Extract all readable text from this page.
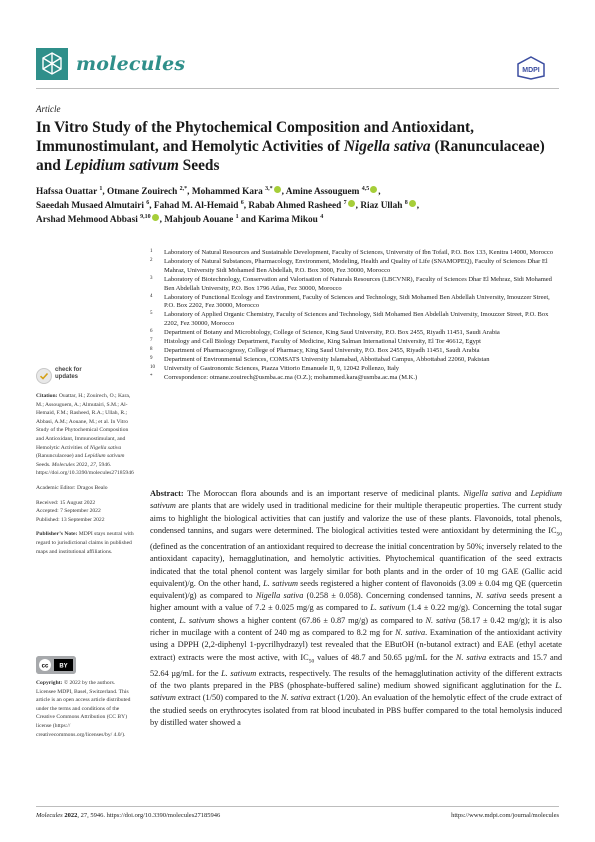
molecules	MDPI
Article
In Vitro Study of the Phytochemical Composition and Antioxidant, Immunostimulant, and Hemolytic Activities of Nigella sativa (Ranunculaceae) and Lepidium sativum Seeds
Hafssa Ouattar $^1$, Otmane Zouirech $^{2,*}$, Mohammed Kara $^{3,*}$ , Amine Assouguem $^{4,5}$ ,
Saeedah Musaed Almutairi $^6$, Fahad M. Al-Hemaid $^6$, Rabab Ahmed Rasheed $^7$ , Riaz Ullah $^8$ ,
Arshad Mehmood Abbasi $^{9,10}$ , Mahjoub Aouane $^1$ and Karima Mikou $^4$
1 Laboratory of Natural Resources and Sustainable Development, Faculty of Sciences, University of Ibn Tofail, P.O. Box 133, Kenitra 14000, Morocco
2 Laboratory of Natural Substances, Pharmacology, Environment, Modeling, Health and Quality of Life (SNAMOPEQ), Faculty of Sciences Dhar El Mahraz, University Sidi Mohamed Ben Abdellah, P.O. Box 3000, Fez 30000, Morocco
3 Laboratory of Biotechnology, Conservation and Valorisation of Naturals Resources (LBCVNR), Faculty of Sciences Dhar El Mehraz, Sidi Mohamed Ben Abdellah University, P.O. Box 1796 Atlas, Fez 30000, Morocco
4 Laboratory of Functional Ecology and Environment, Faculty of Sciences and Technology, Sidi Mohamed Ben Abdellah University, Imouzzer Street, P.O. Box 2202, Fez 30000, Morocco
5 Laboratory of Applied Organic Chemistry, Faculty of Sciences and Technology, Sidi Mohamed Ben Abdellah University, Imouzzer Street, P.O. Box 2202, Fez 30000, Morocco
6 Department of Botany and Microbiology, College of Science, King Saud University, P.O. Box 2455, Riyadh 11451, Saudi Arabia
7 Histology and Cell Biology Department, Faculty of Medicine, King Salman International University, El Tor 46612, Egypt
8 Department of Pharmacognosy, College of Pharmacy, King Saud University, P.O. Box 2455, Riyadh 11451, Saudi Arabia
9 Department of Environmental Sciences, COMSATS University Islamabad, Abbottabad Campus, Abbottabad 22060, Pakistan
10 University of Gastronomic Sciences, Piazza Vittorio Emanuele II, 9, 12042 Pollenzo, Italy
* Correspondence: otmane.zouirech@usmba.ac.ma (O.Z.); mohammed.kara@usmba.ac.ma (M.K.)
check for
updates

Citation: Ouattar, H.; Zouirech, O.; Kara, M.; Assouguem, A.; Almutairi, S.M.; Al-Hemaid, F.M.; Rasheed, R.A.; Ullah, R.; Abbasi, A.M.; Aouane, M.; et al. In Vitro Study of the Phytochemical Composition and Antioxidant, Immunostimulant, and Hemolytic Activities of Nigella sativa (Ranunculaceae) and Lepidium sativum Seeds. Molecules 2022, 27, 5946. https://doi.org/10.3390/molecules27185946

Academic Editor: Dragos Bealo

Received: 15 August 2022

Accepted: 7 September 2022

Published: 13 September 2022

Publisher’s Note: MDPI stays neutral with regard to jurisdictional claims in published maps and institutional affiliations.

cc BY
Copyright: © 2022 by the authors. Licensee MDPI, Basel, Switzerland. This article is an open access article distributed under the terms and conditions of the Creative Commons Attribution (CC BY) license (https:// creativecommons.org/licenses/by/ 4.0/).
Abstract: The Moroccan flora abounds and is an important reserve of medicinal plants. Nigella sativa and Lepidium sativum are plants that are widely used in traditional medicine for their multiple therapeutic properties. The current study aims to highlight the biological activities that can justify and valorize the use of these plants. Flavonoids, total phenols, condensed tannins, and sugars were determined. The biological activities tested were antioxidant by determining the $IC_{50}$ (defined as the concentration of an antioxidant required to decrease the initial concentration by 50%; inversely related to the antioxidant capacity), hemagglutination, and hemolytic activities. Phytochemical quantification of the seed extracts indicated that the total phenol content was largely similar for both plants and in the order of 10 mg GAE (Gallic acid equivalent)/g. On the other hand, L. sativum seeds registered a higher content of flavonoids (3.09 ± 0.04 mg QE (quercetin equivalent)/g) as compared to Nigella sativa (0.258 ± 0.058). Concerning condensed tannins, N. sativa seeds present a higher amount with a value of 7.2 ± 0.025 mg/g as compared to L. sativum (1.4 ± 0.22 mg/g). Concerning the total sugar content, L. sativum shows a higher content (67.86 ± 0.87 mg/g) as compared to N. sativa (58.17 ± 0.42 mg/g); it is also richer in mucilage with a content of 240 mg as compared to 8.2 mg for N. sativa. Examination of the antioxidant activity using a DPPH (2,2-diphenyl 1-pycrilhydrazyl) test revealed that the EButOH (n-butanol extract) and EAE (ethyl acetate extract) extracts were the most active, with $IC_{50}$ values of 48.7 and 50.65 µg/mL for the N. sativa extracts and 15.7 and 52.64 µg/mL for the L. sativum extracts, respectively. The results of the hemagglutination activity of the different extracts of the two plants prepared in the PBS (phosphate-buffered saline) medium showed significant agglutination for the L. sativum extract (1/50) compared to the N. sativa extract (1/20). An evaluation of the hemolytic effect of the crude extract of the studied seeds on erythrocytes isolated from rat blood incubated in PBS buffer compared to the total hemolysis induced by distilled water showed a
Molecules 2022, 27, 5946. https://doi.org/10.3390/molecules27185946	https://www.mdpi.com/journal/molecules
